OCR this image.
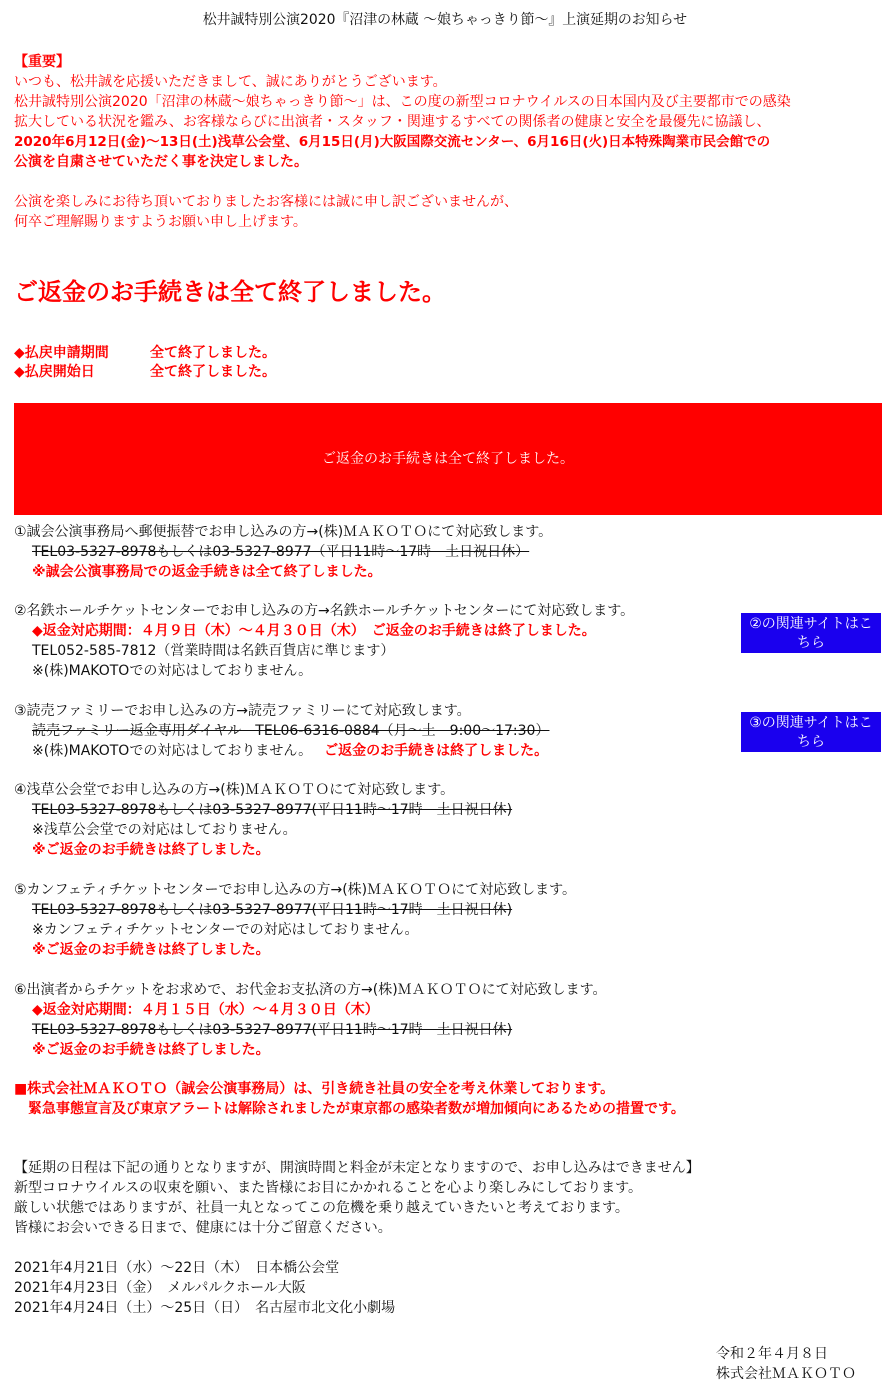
松井誠特別公演2020『沼津の林蔵 〜娘ちゃっきり節〜』上演延期のお知らせ
【重要】
いつも、松井誠を応援いただきまして、誠にありがとうございます。
松井誠特別公演2020「沼津の林蔵〜娘ちゃっきり節〜」は、この度の新型コロナウイルスの日本国内及び主要都市での感染
拡大している状況を鑑み、お客様ならびに出演者・スタッフ・関連するすべての関係者の健康と安全を最優先に協議し、
2020年6月12日(金)〜13日(土)浅草公会堂、6月15日(月)大阪国際交流センター、6月16日(火)日本特殊陶業市民会館での
公演を自粛させていただく事を決定しました。
公演を楽しみにお待ち頂いておりましたお客様には誠に申し訳ございませんが、
何卒ご理解賜りますようお願い申し上げます。
ご返金のお手続きは全て終了しました。
◆払戻申請期間	全て終了しました。
◆払戻開始日	全て終了しました。
ご返金のお手続きは全て終了しました。
①誠会公演事務局へ郵便振替でお申し込みの方→(株)ＭＡＫＯＴＯにて対応致します。
TEL03-5327-8978もしくは03-5327-8977（平日11時〜17時　土日祝日休）
※誠会公演事務局での返金手続きは全て終了しました。
②名鉄ホールチケットセンターでお申し込みの方→名鉄ホールチケットセンターにて対応致します。
◆返金対応期間：４月９日（木）〜４月３０日（木）　ご返金のお手続きは終了しました。
TEL052-585-7812（営業時間は名鉄百貨店に準じます）
※(株)MAKOTOでの対応はしておりません。
②の関連サイトはこちら
③読売ファミリーでお申し込みの方→読売ファミリーにて対応致します。
読売ファミリー返金専用ダイヤル　TEL06-6316-0884（月〜土　9:00〜17:30）
※(株)MAKOTOでの対応はしておりません。 ご返金のお手続きは終了しました。
③の関連サイトはこちら
④浅草公会堂でお申し込みの方→(株)ＭＡＫＯＴＯにて対応致します。
TEL03-5327-8978もしくは03-5327-8977(平日11時〜17時　土日祝日休)
※浅草公会堂での対応はしておりません。
※ご返金のお手続きは終了しました。
⑤カンフェティチケットセンターでお申し込みの方→(株)ＭＡＫＯＴＯにて対応致します。
TEL03-5327-8978もしくは03-5327-8977(平日11時〜17時　土日祝日休)
※カンフェティチケットセンターでの対応はしておりません。
※ご返金のお手続きは終了しました。
⑥出演者からチケットをお求めで、お代金お支払済の方→(株)ＭＡＫＯＴＯにて対応致します。
◆返金対応期間：４月１５日（水）〜４月３０日（木）
TEL03-5327-8978もしくは03-5327-8977(平日11時〜17時　土日祝日休)
※ご返金のお手続きは終了しました。
■株式会社ＭＡＫＯＴＯ（誠会公演事務局）は、引き続き社員の安全を考え休業しております。
　緊急事態宣言及び東京アラートは解除されましたが東京都の感染者数が増加傾向にあるための措置です。
【延期の日程は下記の通りとなりますが、開演時間と料金が未定となりますので、お申し込みはできません】
新型コロナウイルスの収束を願い、また皆様にお目にかかれることを心より楽しみにしております。
厳しい状態ではありますが、社員一丸となってこの危機を乗り越えていきたいと考えております。
皆様にお会いできる日まで、健康には十分ご留意ください。
2021年4月21日（水）〜22日（木）　日本橋公会堂
2021年4月23日（金）　メルパルクホール大阪
2021年4月24日（土）〜25日（日）　名古屋市北文化小劇場
令和２年４月８日
株式会社ＭＡＫＯＴＯ
